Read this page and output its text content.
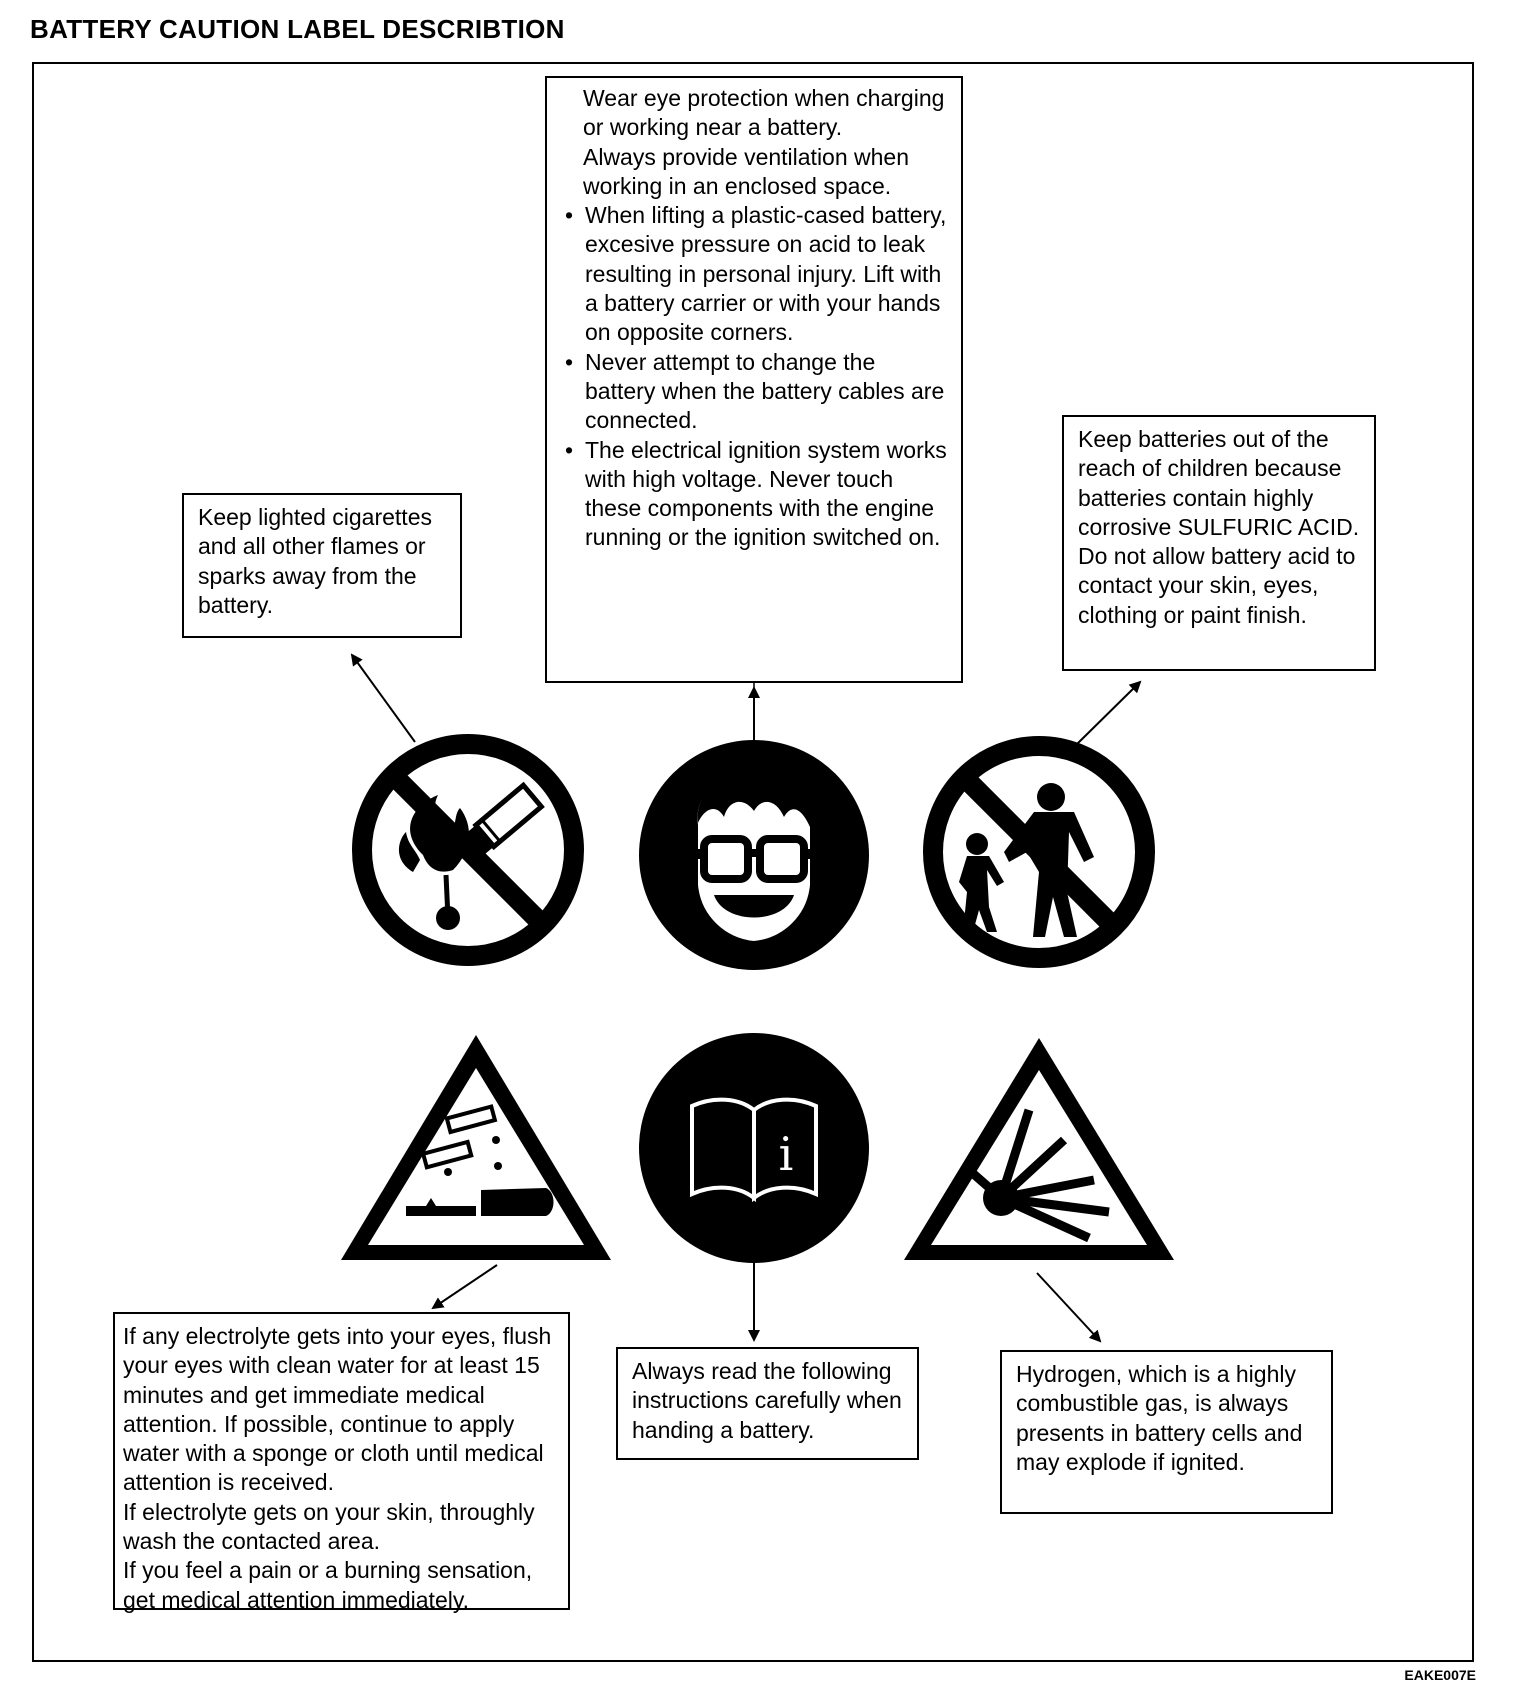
BATTERY CAUTION LABEL DESCRIBTION
i

Keep lighted cigarettes and all other flames or sparks away from the battery.

Wear eye protection when charging or working near a battery.

Always provide ventilation when working in an enclosed space.

• When lifting a plastic-cased battery, excesive pressure on acid to leak resulting in personal injury. Lift with a battery carrier or with your hands on opposite corners.
• Never attempt to change the battery when the battery cables are connected.
• The electrical ignition system works with high voltage. Never touch these components with the engine running or the ignition switched on.

Keep batteries out of the reach of children because batteries contain highly corrosive SULFURIC ACID. Do not allow battery acid to contact your skin, eyes, clothing or paint finish.

If any electrolyte gets into your eyes, flush your eyes with clean water for at least 15 minutes and get immediate medical attention. If possible, continue to apply water with a sponge or cloth until medical attention is received.

If electrolyte gets on your skin, throughly wash the contacted area.

If you feel a pain or a burning sensation, get medical attention immediately.

Always read the following instructions carefully when handing a battery.

Hydrogen, which is a highly combustible gas, is always presents in battery cells and may explode if ignited.

EAKE007E
